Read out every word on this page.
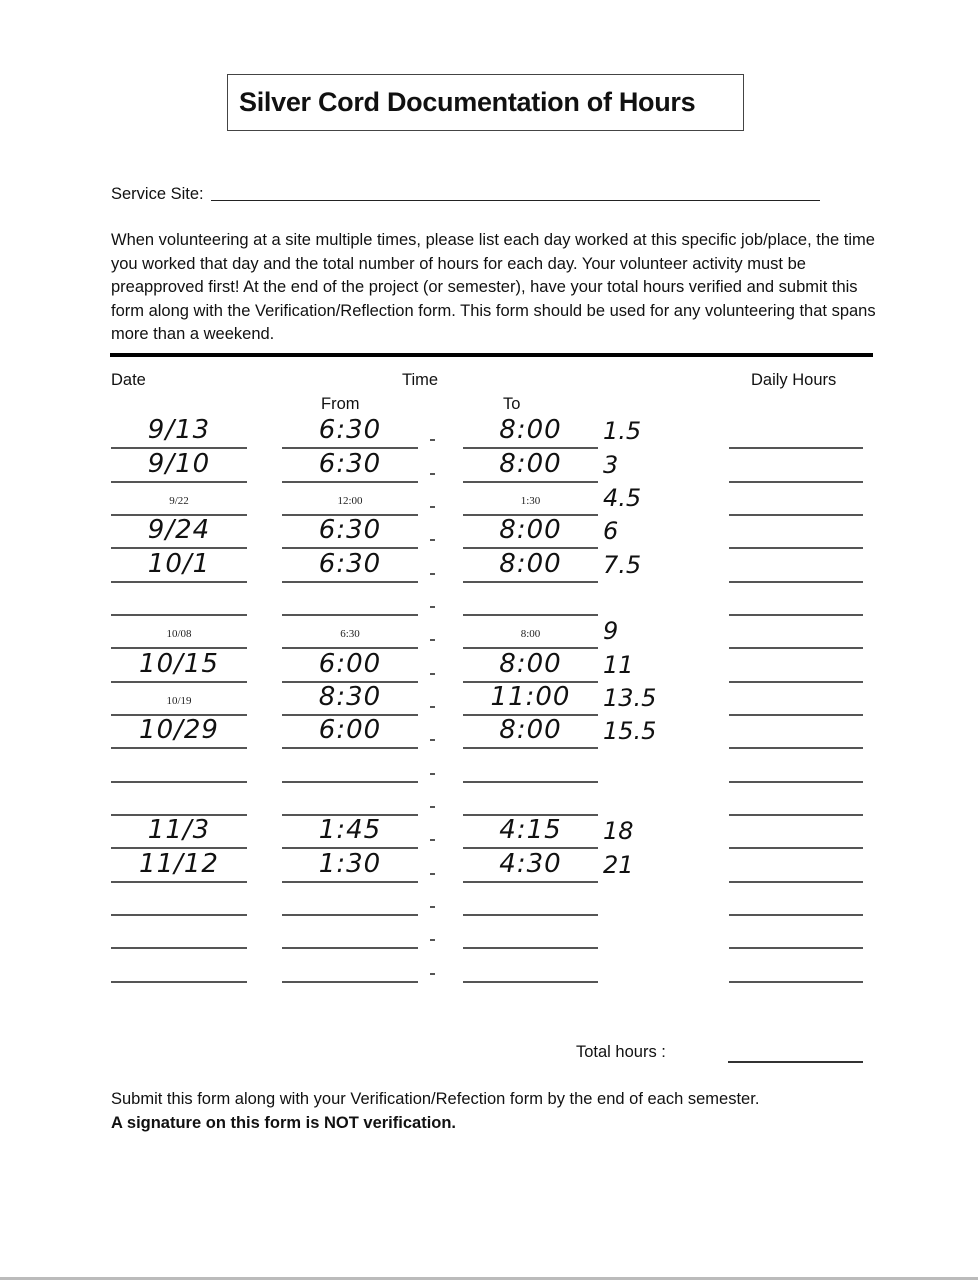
Silver Cord Documentation of Hours
Service Site:

When volunteering at a site multiple times, please list each day worked at this specific job/place, the time you worked that day and the total number of hours for each day. Your volunteer activity must be preapproved first! At the end of the project (or semester), have your total hours verified and submit this form along with the Verification/Reflection form. This form should be used for any volunteering that spans more than a weekend.

Date	Time
From	To
Daily Hours
9/13	6:30	8:00	1.5
9/10	6:30	8:00	3
9/22	12:00	1:30	4.5
9/24	6:30	8:00	6
10/1	6:30	8:00	7.5
10/08	6:30	8:00	9
10/15	6:00	8:00	11
10/19	8:30	11:00	13.5
10/29	6:00	8:00	15.5
11/3	1:45	4:15	18
11/12	1:30	4:30	21
Total hours :
Submit this form along with your Verification/Refection form by the end of each semester.
A signature on this form is NOT verification.
